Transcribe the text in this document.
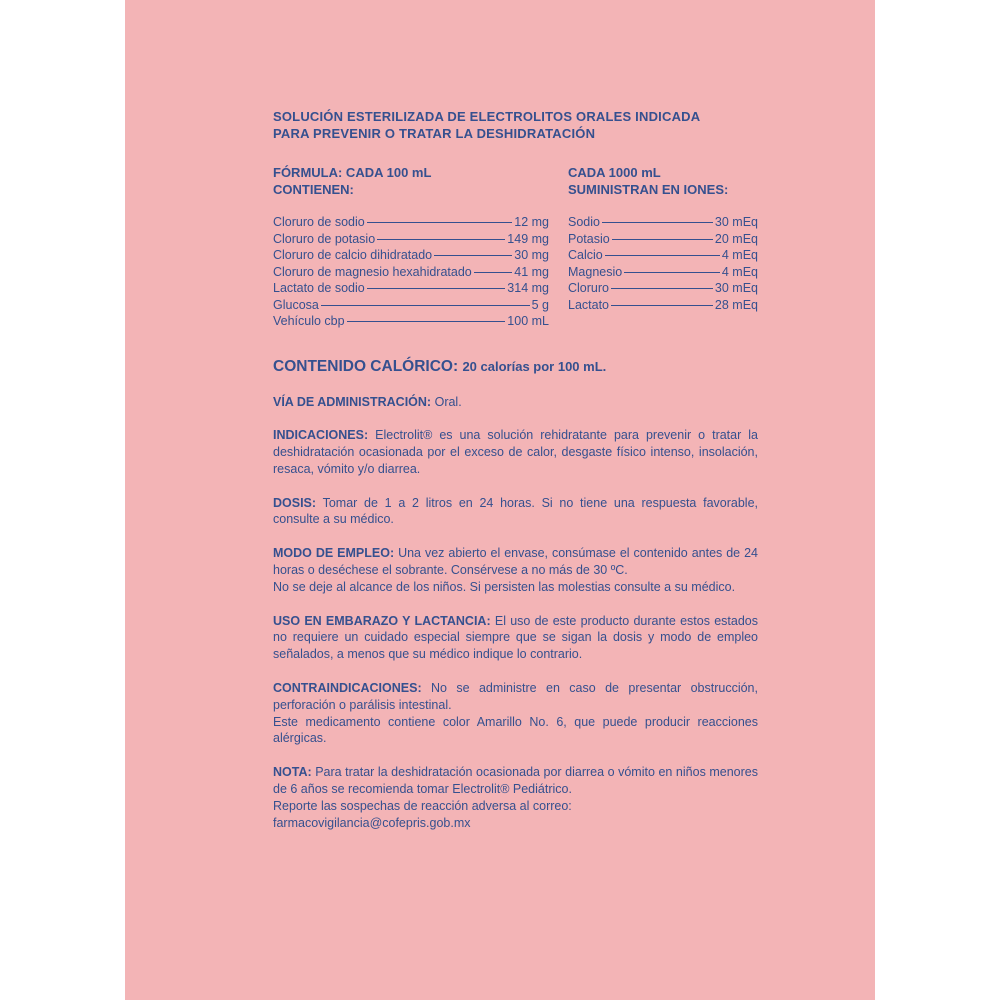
SOLUCIÓN ESTERILIZADA DE ELECTROLITOS ORALES INDICADA
PARA PREVENIR O TRATAR LA DESHIDRATACIÓN
FÓRMULA: CADA 100 mL
CONTIENEN:
Cloruro de sodio	12 mg
Cloruro de potasio	149 mg
Cloruro de calcio dihidratado	30 mg
Cloruro de magnesio hexahidratado	41 mg
Lactato de sodio	314 mg
Glucosa	5 g
Vehículo cbp	100 mL
CADA 1000 mL
SUMINISTRAN EN IONES:
Sodio	30 mEq
Potasio	20 mEq
Calcio	4 mEq
Magnesio	4 mEq
Cloruro	30 mEq
Lactato	28 mEq
CONTENIDO CALÓRICO: 20 calorías por 100 mL.

VÍA DE ADMINISTRACIÓN: Oral.

INDICACIONES: Electrolit® es una solución rehidratante para prevenir o tratar la deshidratación ocasionada por el exceso de calor, desgaste físico intenso, insolación, resaca, vómito y/o diarrea.

DOSIS: Tomar de 1 a 2 litros en 24 horas. Si no tiene una respuesta favorable, consulte a su médico.

MODO DE EMPLEO: Una vez abierto el envase, consúmase el contenido antes de 24 horas o deséchese el sobrante. Consérvese a no más de 30 ºC.

No se deje al alcance de los niños. Si persisten las molestias consulte a su médico.

USO EN EMBARAZO Y LACTANCIA: El uso de este producto durante estos estados no requiere un cuidado especial siempre que se sigan la dosis y modo de empleo señalados, a menos que su médico indique lo contrario.

CONTRAINDICACIONES: No se administre en caso de presentar obstrucción, perforación o parálisis intestinal.

Este medicamento contiene color Amarillo No. 6, que puede producir reacciones alérgicas.

NOTA: Para tratar la deshidratación ocasionada por diarrea o vómito en niños menores de 6 años se recomienda tomar Electrolit® Pediátrico.

Reporte las sospechas de reacción adversa al correo:

farmacovigilancia@cofepris.gob.mx
